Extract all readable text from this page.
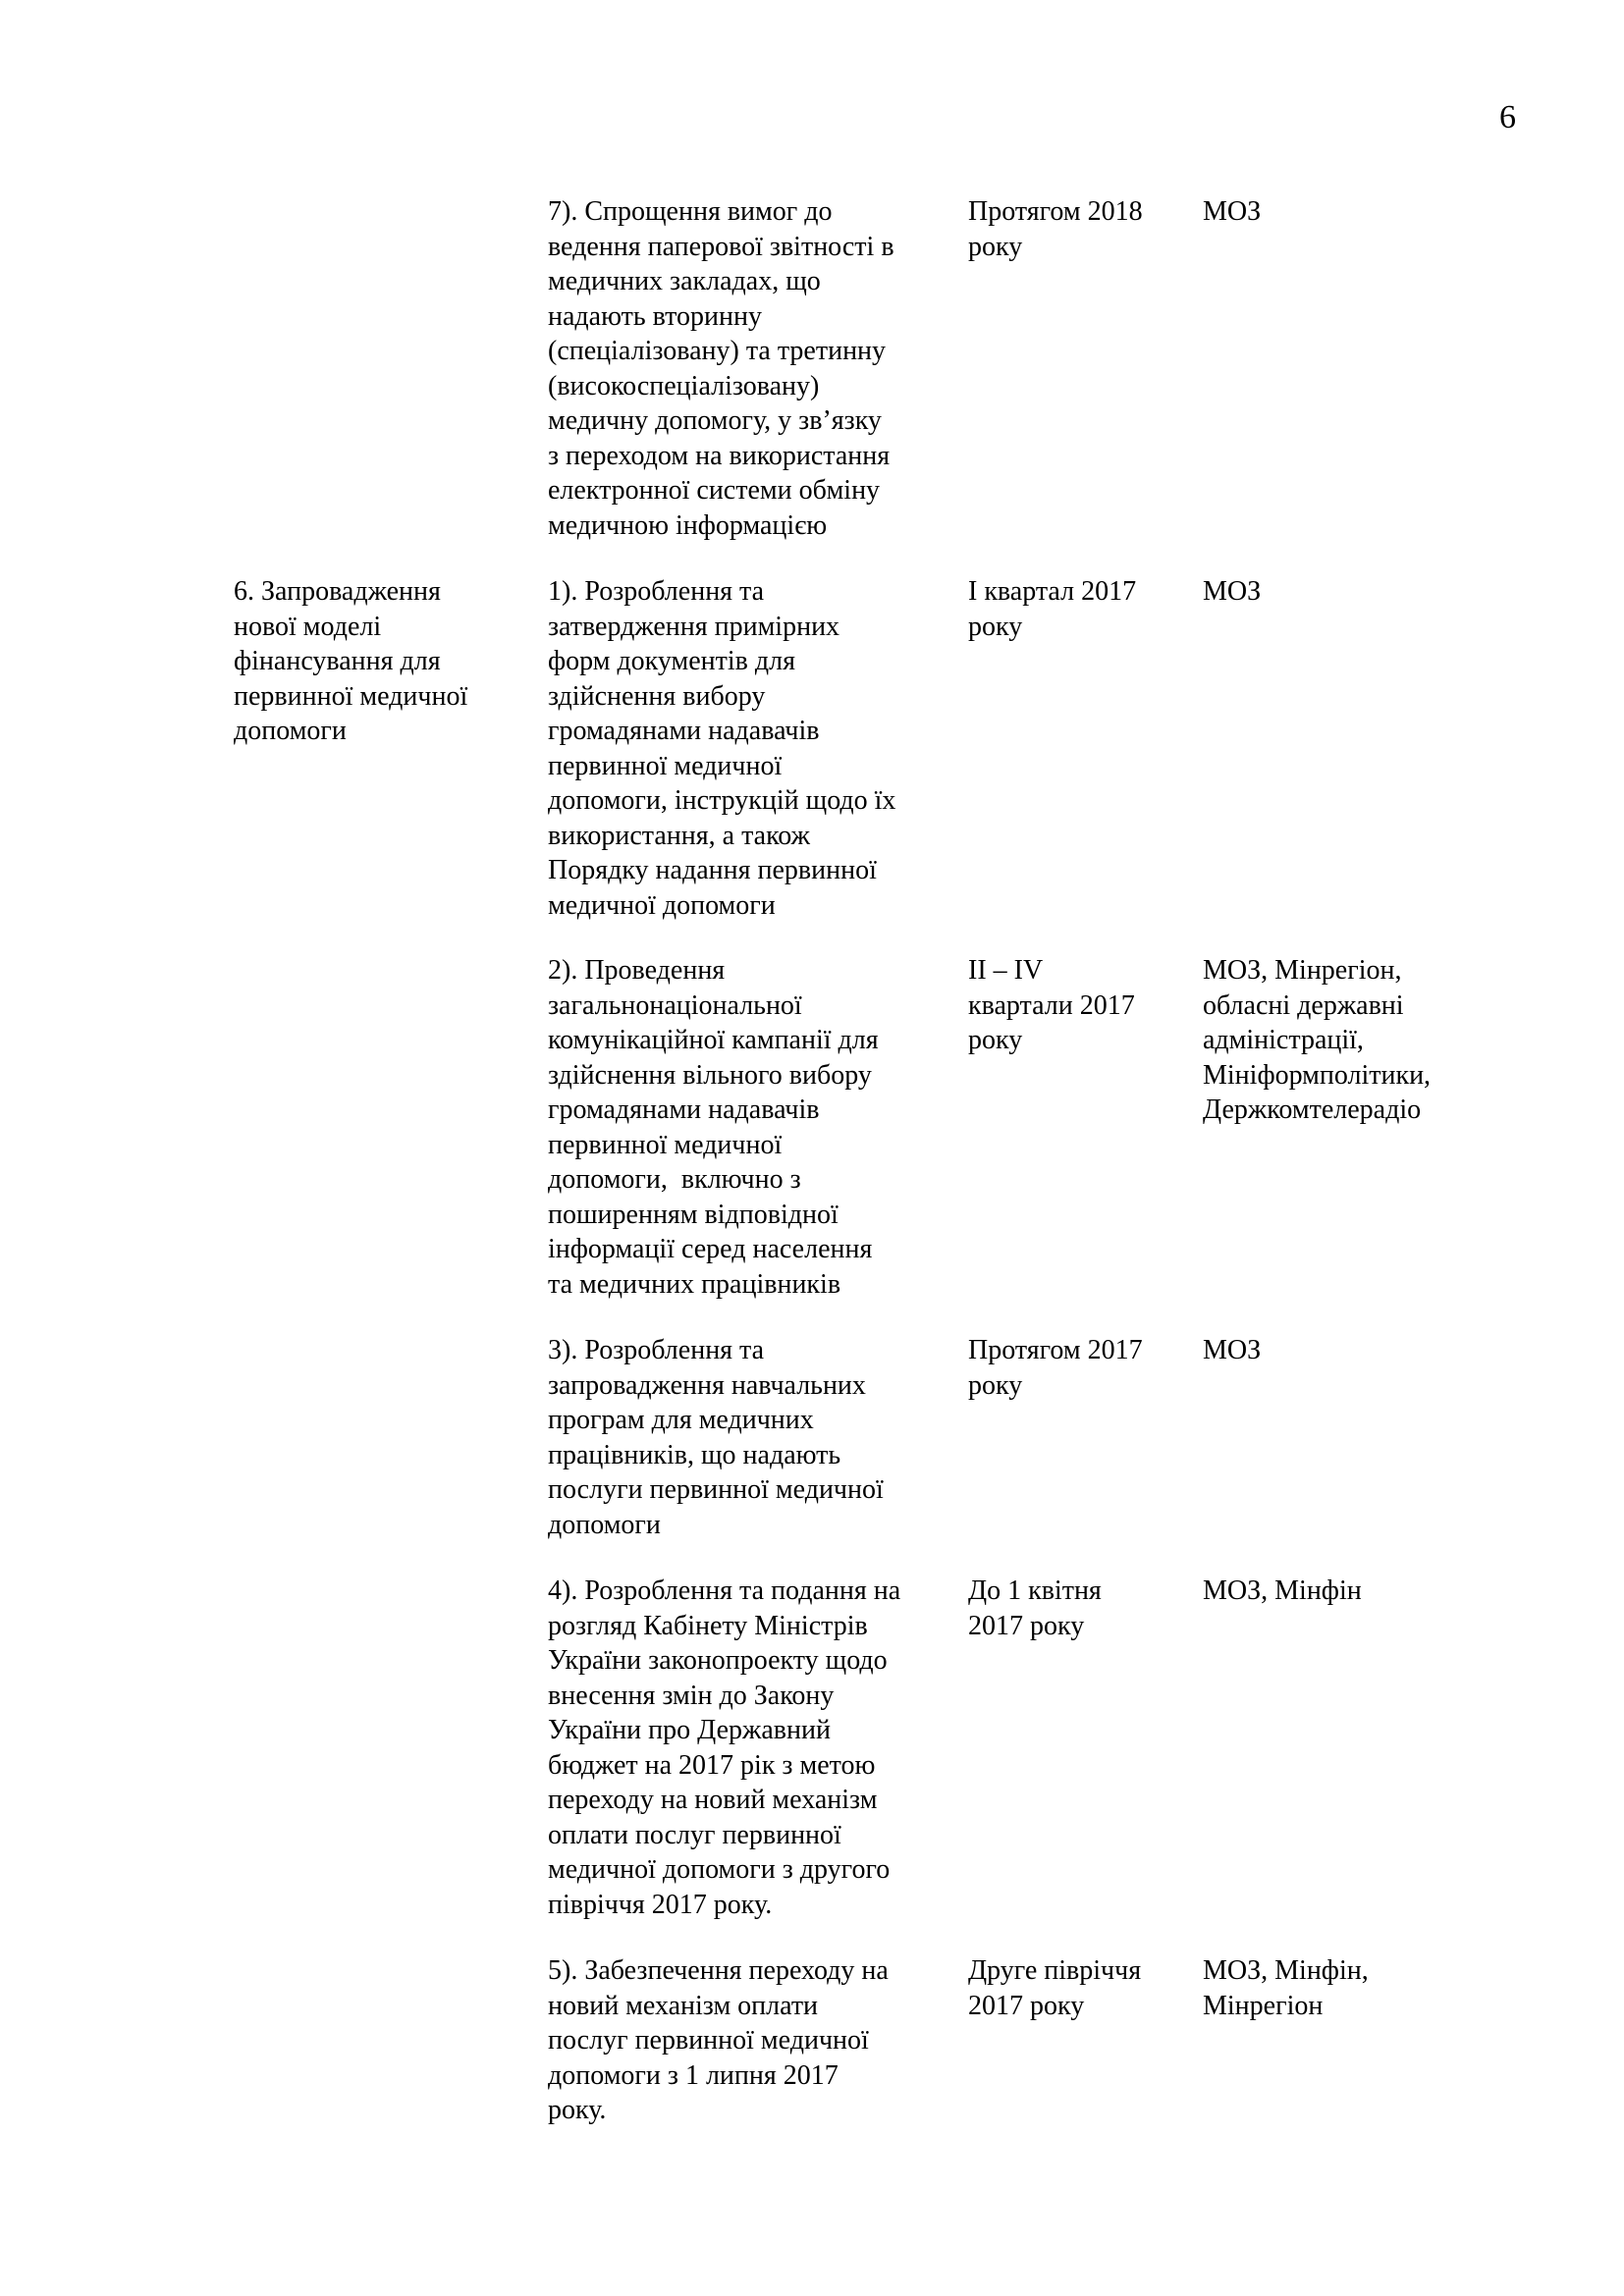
6
7). Спрощення вимог до
ведення паперової звітності в
медичних закладах, що
надають вторинну
(спеціалізовану) та третинну
(високоспеціалізовану)
медичну допомогу, у зв’язку
з переходом на використання
електронної системи обміну
медичною інформацією
Протягом 2018
року
МОЗ
6. Запровадження
нової моделі
фінансування для
первинної медичної
допомоги
1). Розроблення та
затвердження примірних
форм документів для
здійснення вибору
громадянами надавачів
первинної медичної
допомоги, інструкцій щодо їх
використання, а також
Порядку надання первинної
медичної допомоги
І квартал 2017
року
МОЗ
2). Проведення
загальнонаціональної
комунікаційної кампанії для
здійснення вільного вибору
громадянами надавачів
первинної медичної
допомоги,  включно з
поширенням відповідної
інформації серед населення
та медичних працівників
ІІ – IV
квартали 2017
року
МОЗ, Мінрегіон,
обласні державні
адміністрації,
Мініформполітики,
Держкомтелерадіо
3). Розроблення та
запровадження навчальних
програм для медичних
працівників, що надають
послуги первинної медичної
допомоги
Протягом 2017
року
МОЗ
4). Розроблення та подання на
розгляд Кабінету Міністрів
України законопроекту щодо
внесення змін до Закону
України про Державний
бюджет на 2017 рік з метою
переходу на новий механізм
оплати послуг первинної
медичної допомоги з другого
півріччя 2017 року.
До 1 квітня
2017 року
МОЗ, Мінфін
5). Забезпечення переходу на
новий механізм оплати
послуг первинної медичної
допомоги з 1 липня 2017
року.
Друге півріччя
2017 року
МОЗ, Мінфін,
Мінрегіон
